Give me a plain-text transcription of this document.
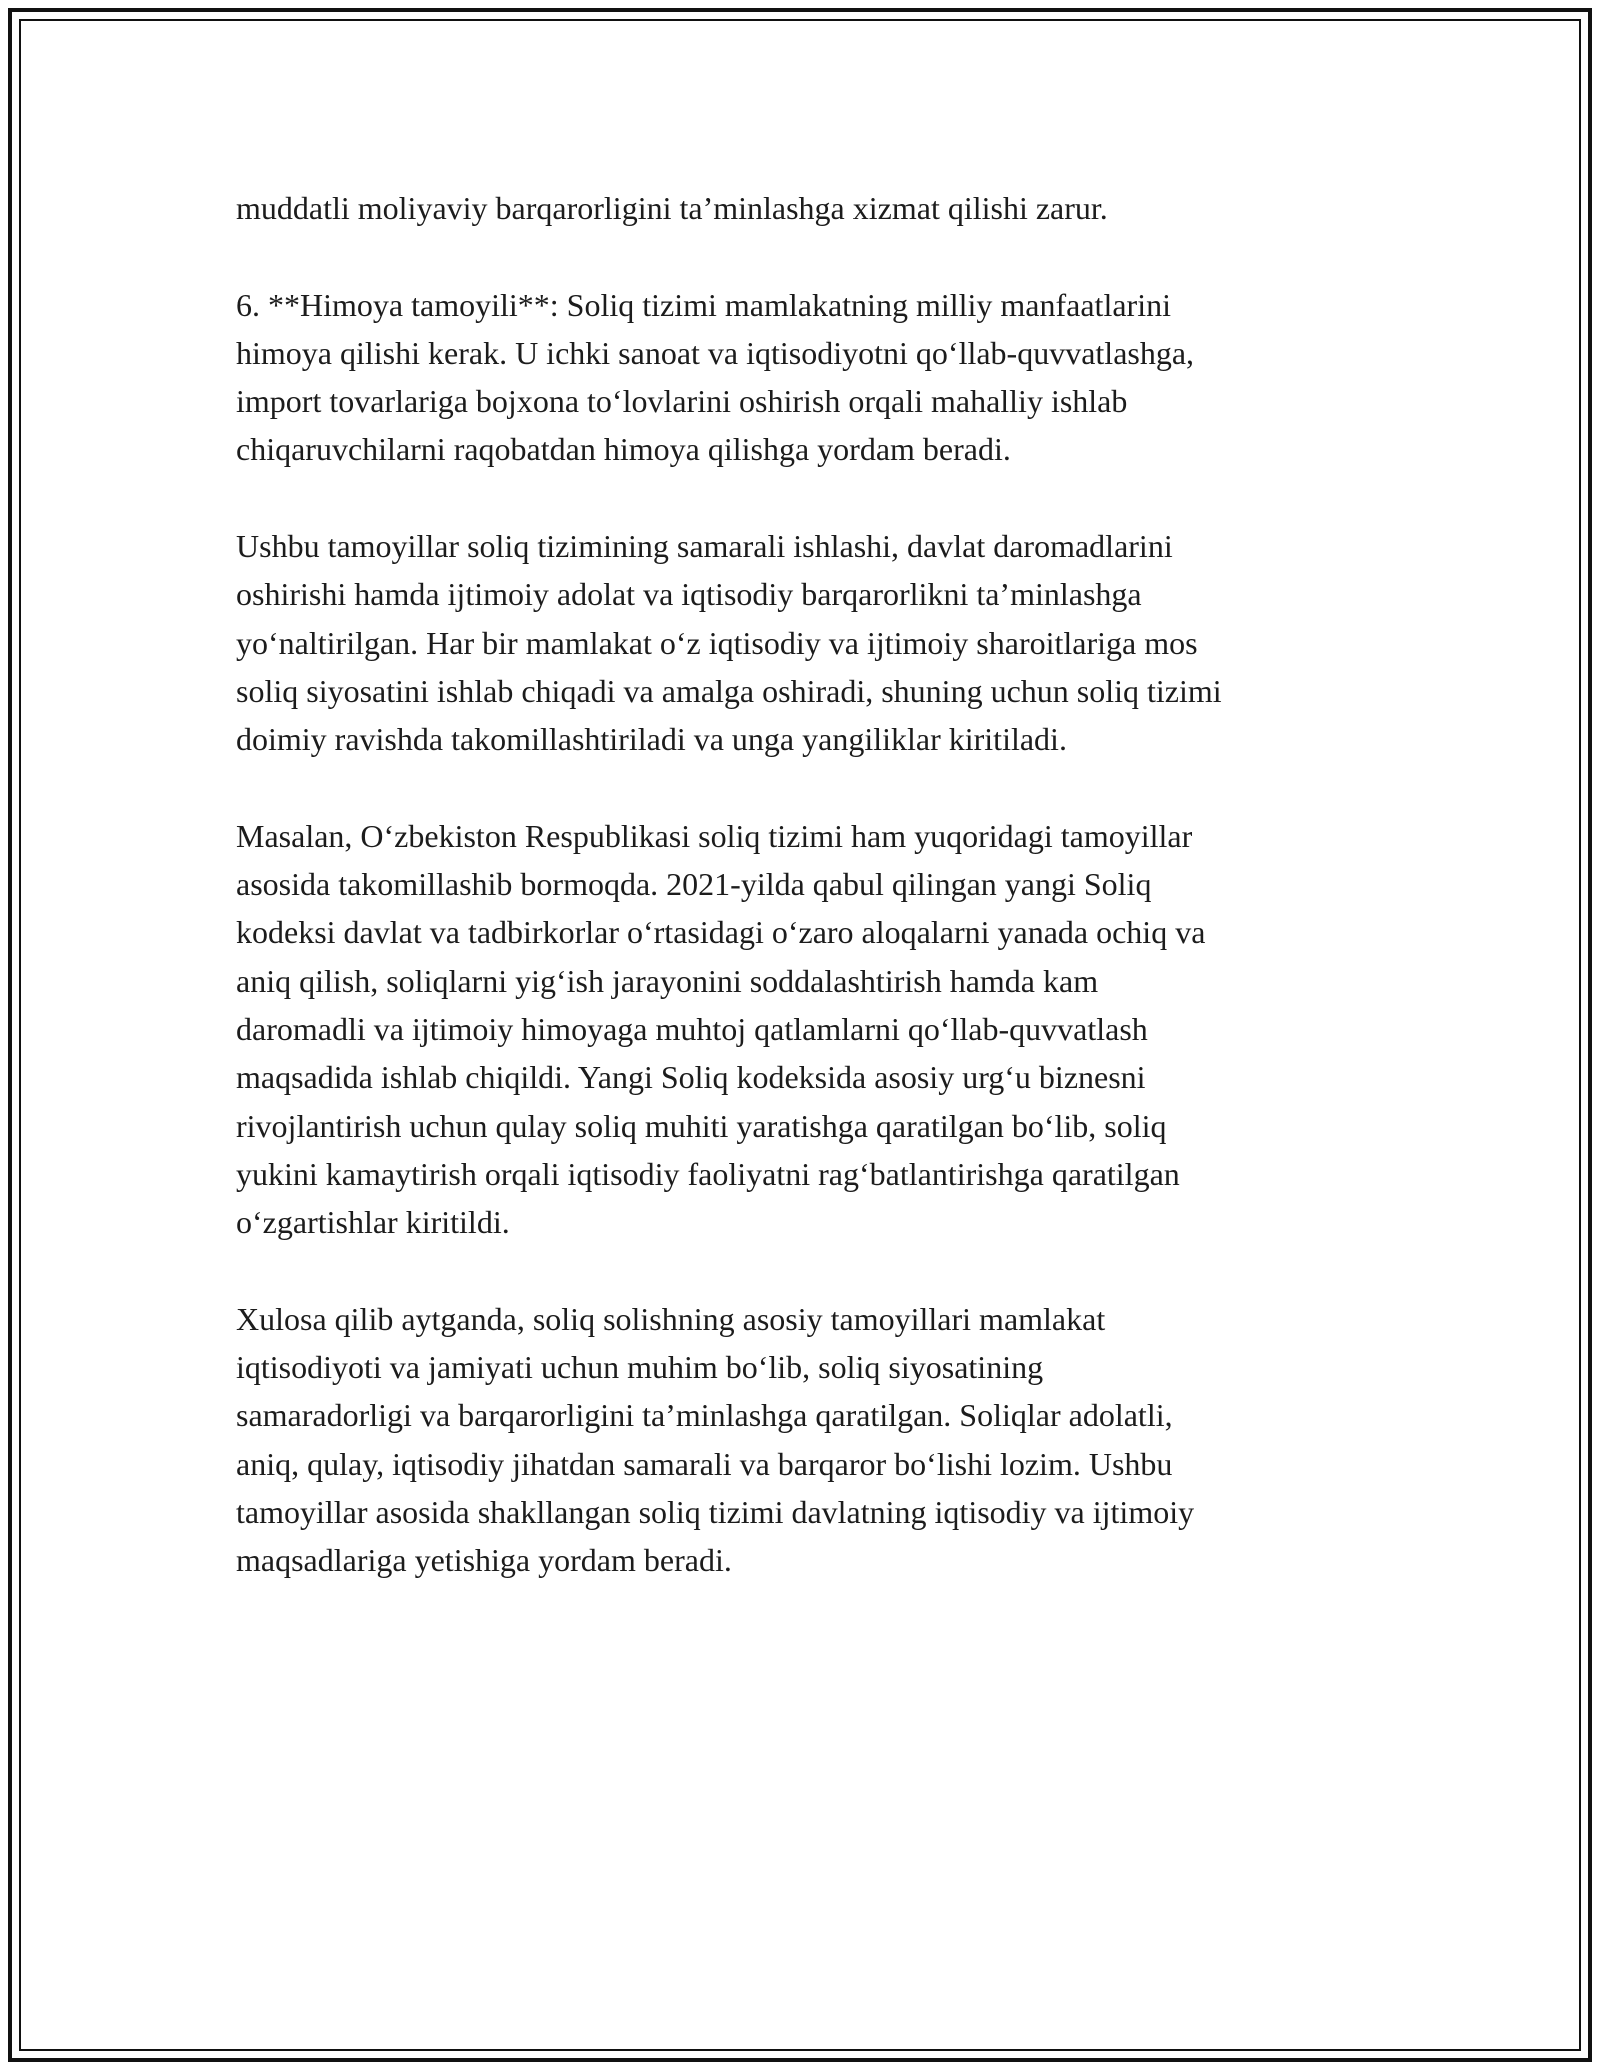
muddatli moliyaviy barqarorligini ta’minlashga xizmat qilishi zarur.

6. **Himoya tamoyili**: Soliq tizimi mamlakatning milliy manfaatlarini
himoya qilishi kerak. U ichki sanoat va iqtisodiyotni qo‘llab-quvvatlashga,
import tovarlariga bojxona to‘lovlarini oshirish orqali mahalliy ishlab
chiqaruvchilarni raqobatdan himoya qilishga yordam beradi.

Ushbu tamoyillar soliq tizimining samarali ishlashi, davlat daromadlarini
oshirishi hamda ijtimoiy adolat va iqtisodiy barqarorlikni ta’minlashga
yo‘naltirilgan. Har bir mamlakat o‘z iqtisodiy va ijtimoiy sharoitlariga mos
soliq siyosatini ishlab chiqadi va amalga oshiradi, shuning uchun soliq tizimi
doimiy ravishda takomillashtiriladi va unga yangiliklar kiritiladi.

Masalan, O‘zbekiston Respublikasi soliq tizimi ham yuqoridagi tamoyillar
asosida takomillashib bormoqda. 2021-yilda qabul qilingan yangi Soliq
kodeksi davlat va tadbirkorlar o‘rtasidagi o‘zaro aloqalarni yanada ochiq va
aniq qilish, soliqlarni yig‘ish jarayonini soddalashtirish hamda kam
daromadli va ijtimoiy himoyaga muhtoj qatlamlarni qo‘llab-quvvatlash
maqsadida ishlab chiqildi. Yangi Soliq kodeksida asosiy urg‘u biznesni
rivojlantirish uchun qulay soliq muhiti yaratishga qaratilgan bo‘lib, soliq
yukini kamaytirish orqali iqtisodiy faoliyatni rag‘batlantirishga qaratilgan
o‘zgartishlar kiritildi.

Xulosa qilib aytganda, soliq solishning asosiy tamoyillari mamlakat
iqtisodiyoti va jamiyati uchun muhim bo‘lib, soliq siyosatining
samaradorligi va barqarorligini ta’minlashga qaratilgan. Soliqlar adolatli,
aniq, qulay, iqtisodiy jihatdan samarali va barqaror bo‘lishi lozim. Ushbu
tamoyillar asosida shakllangan soliq tizimi davlatning iqtisodiy va ijtimoiy
maqsadlariga yetishiga yordam beradi.
